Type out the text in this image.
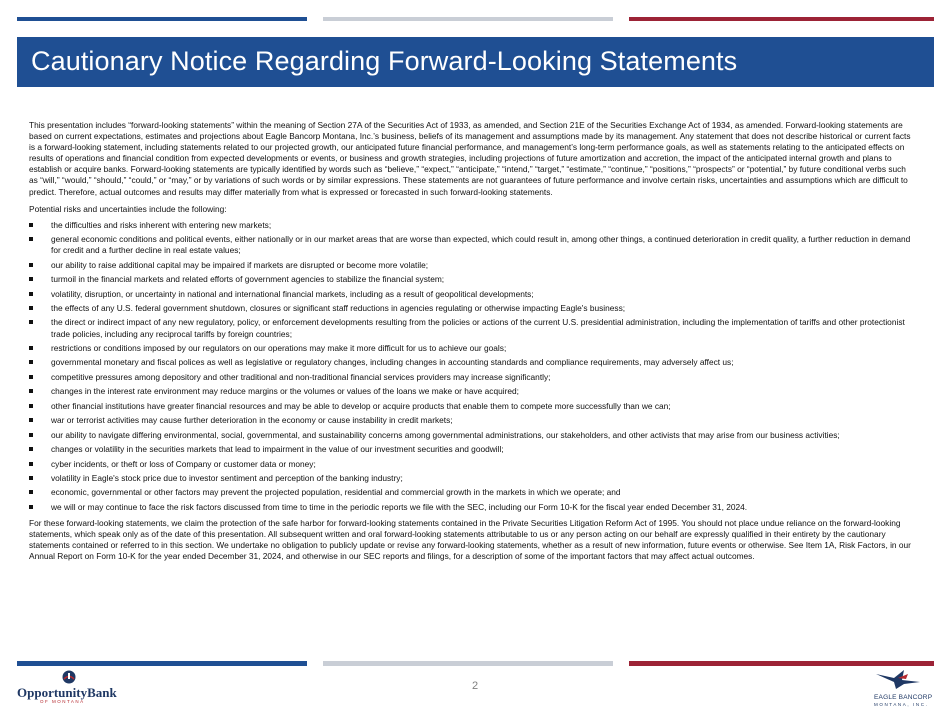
Cautionary Notice Regarding Forward-Looking Statements

This presentation includes “forward-looking statements” within the meaning of Section 27A of the Securities Act of 1933, as amended, and Section 21E of the Securities Exchange Act of 1934, as amended. Forward-looking statements are based on current expectations, estimates and projections about Eagle Bancorp Montana, Inc.’s business, beliefs of its management and assumptions made by its management. Any statement that does not describe historical or current facts is a forward-looking statement, including statements related to our projected growth, our anticipated future financial performance, and management’s long-term performance goals, as well as statements relating to the anticipated effects on results of operations and financial condition from expected developments or events, or business and growth strategies, including projections of future amortization and accretion, the impact of the anticipated internal growth and plans to establish or acquire banks. Forward-looking statements are typically identified by words such as “believe,” “expect,” “anticipate,” “intend,” “target,” “estimate,” “continue,” “positions,” “prospects” or “potential,” by future conditional verbs such as “will,” “would,” “should,” “could,” or “may,” or by variations of such words or by similar expressions. These statements are not guarantees of future performance and involve certain risks, uncertainties and assumptions which are difficult to predict. Therefore, actual outcomes and results may differ materially from what is expressed or forecasted in such forward-looking statements.

Potential risks and uncertainties include the following:

the difficulties and risks inherent with entering new markets;
general economic conditions and political events, either nationally or in our market areas that are worse than expected, which could result in, among other things, a continued deterioration in credit quality, a further reduction in demand for credit and a further decline in real estate values;
our ability to raise additional capital may be impaired if markets are disrupted or become more volatile;
turmoil in the financial markets and related efforts of government agencies to stabilize the financial system;
volatility, disruption, or uncertainty in national and international financial markets, including as a result of geopolitical developments;
the effects of any U.S. federal government shutdown, closures or significant staff reductions in agencies regulating or otherwise impacting Eagle's business;
the direct or indirect impact of any new regulatory, policy, or enforcement developments resulting from the policies or actions of the current U.S. presidential administration, including the implementation of tariffs and other protectionist trade policies, including any reciprocal tariffs by foreign countries;
restrictions or conditions imposed by our regulators on our operations may make it more difficult for us to achieve our goals;
governmental monetary and fiscal polices as well as legislative or regulatory changes, including changes in accounting standards and compliance requirements, may adversely affect us;
competitive pressures among depository and other traditional and non-traditional financial services providers may increase significantly;
changes in the interest rate environment may reduce margins or the volumes or values of the loans we make or have acquired;
other financial institutions have greater financial resources and may be able to develop or acquire products that enable them to compete more successfully than we can;
war or terrorist activities may cause further deterioration in the economy or cause instability in credit markets;
our ability to navigate differing environmental, social, governmental, and sustainability concerns among governmental administrations, our stakeholders, and other activists that may arise from our business activities;
changes or volatility in the securities markets that lead to impairment in the value of our investment securities and goodwill;
cyber incidents, or theft or loss of Company or customer data or money;
volatility in Eagle's stock price due to investor sentiment and perception of the banking industry;
economic, governmental or other factors may prevent the projected population, residential and commercial growth in the markets in which we operate; and
we will or may continue to face the risk factors discussed from time to time in the periodic reports we file with the SEC, including our Form 10-K for the fiscal year ended December 31, 2024.

For these forward-looking statements, we claim the protection of the safe harbor for forward-looking statements contained in the Private Securities Litigation Reform Act of 1995. You should not place undue reliance on the forward-looking statements, which speak only as of the date of this presentation. All subsequent written and oral forward-looking statements attributable to us or any person acting on our behalf are expressly qualified in their entirety by the cautionary statements contained or referred to in this section. We undertake no obligation to publicly update or revise any forward-looking statements, whether as a result of new information, future events or otherwise. See Item 1A, Risk Factors, in our Annual Report on Form 10-K for the year ended December 31, 2024, and otherwise in our SEC reports and filings, for a description of some of the important factors that may affect actual outcomes.

OpportunityBank
OF MONTANA
2
EAGLE BANCORP
MONTANA, INC.
